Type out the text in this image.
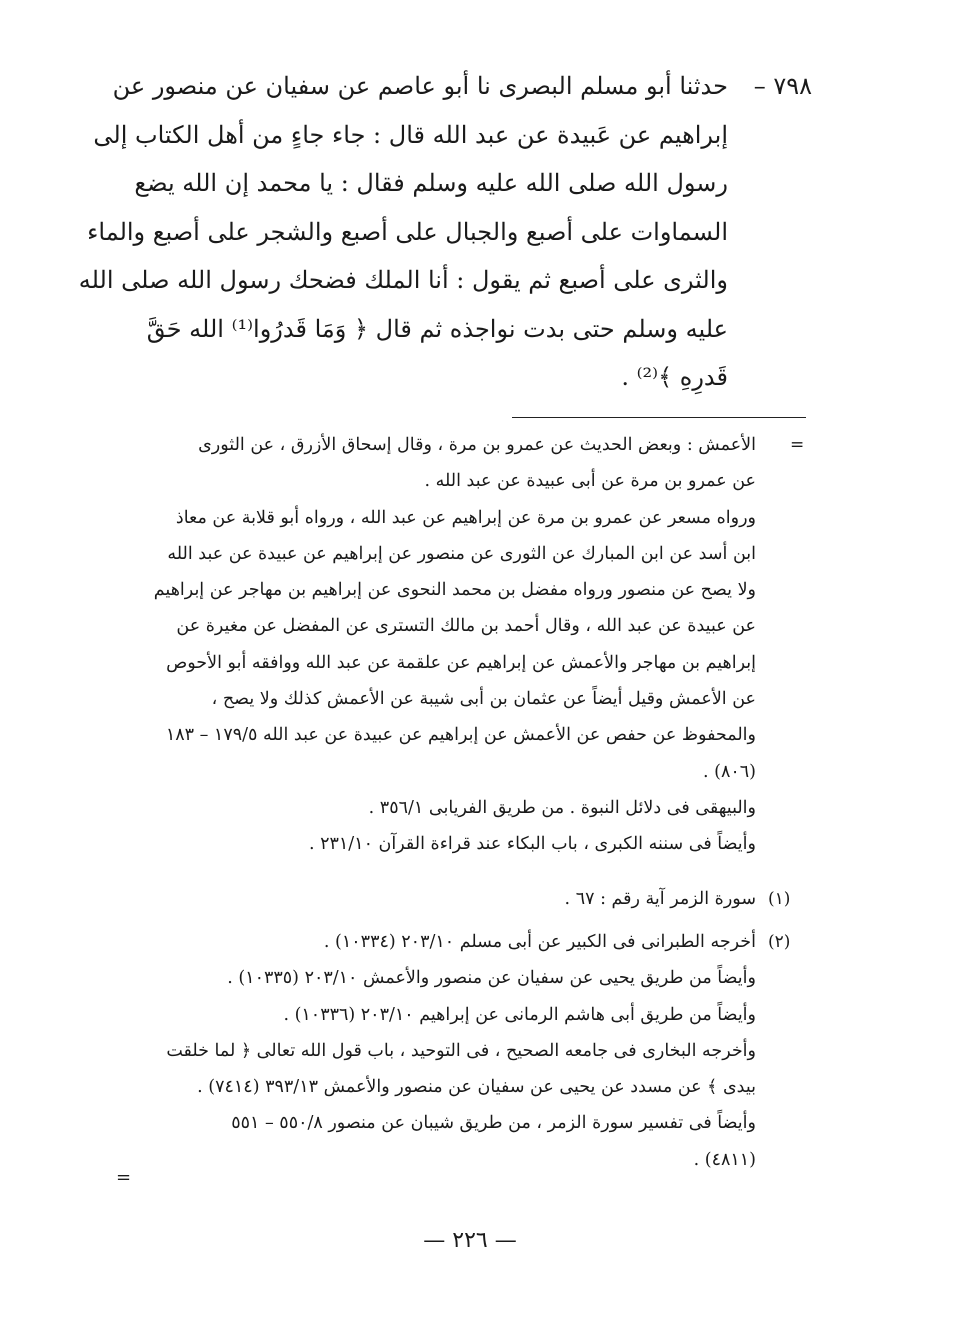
٧٩٨ –
حدثنا أبو مسلم البصرى نا أبو عاصم عن سفيان عن منصور عن
إبراهيم عن عَبيدة عن عبد الله قال : جاء جاءٍ من أهل الكتاب إلى
رسول الله صلى الله عليه وسلم فقال : يا محمد إن الله يضع
السماوات على أصبع والجبال على أصبع والشجر على أصبع والماء
والثرى على أصبع ثم يقول : أنا الملك فضحك رسول الله صلى الله
عليه وسلم حتى بدت نواجذه ثم قال ﴿ وَمَا قَدرُوا⁽¹⁾ الله حَقَّ
قَدرِهِ ﴾⁽²⁾ .
=
الأعمش : وبعض الحديث عن عمرو بن مرة ، وقال إسحاق الأزرق ، عن الثورى
عن عمرو بن مرة عن أبى عبيدة عن عبد الله .
ورواه مسعر عن عمرو بن مرة عن إبراهيم عن عبد الله ، ورواه أبو قلابة عن معاذ
ابن أسد عن ابن المبارك عن الثورى عن منصور عن إبراهيم عن عبيدة عن عبد الله
ولا يصح عن منصور ورواه مفضل بن محمد النحوى عن إبراهيم بن مهاجر عن إبراهيم
عن عبيدة عن عبد الله ، وقال أحمد بن مالك التسترى عن المفضل عن مغيرة عن
إبراهيم بن مهاجر والأعمش عن إبراهيم عن علقمة عن عبد الله ووافقه أبو الأحوص
عن الأعمش وقيل أيضاً عن عثمان بن أبى شيبة عن الأعمش كذلك ولا يصح ،
والمحفوظ عن حفص عن الأعمش عن إبراهيم عن عبيدة عن عبد الله ١٧٩/٥ – ١٨٣
(٨٠٦) .
والبيهقى فى دلائل النبوة . من طريق الفريابى ٣٥٦/١ .
وأيضاً فى سننه الكبرى ، باب البكاء عند قراءة القرآن ٢٣١/١٠ .
(١)
سورة الزمر آية رقم : ٦٧ .
(٢)
أخرجه الطبرانى فى الكبير عن أبى مسلم ٢٠٣/١٠ (١٠٣٣٤) .
وأيضاً من طريق يحيى عن سفيان عن منصور والأعمش ٢٠٣/١٠ (١٠٣٣٥) .
وأيضاً من طريق أبى هاشم الرمانى عن إبراهيم ٢٠٣/١٠ (١٠٣٣٦) .
وأخرجه البخارى فى جامعه الصحيح ، فى التوحيد ، باب قول الله تعالى ﴿ لما خلقت
بيدى ﴾ عن مسدد عن يحيى عن سفيان عن منصور والأعمش ٣٩٣/١٣ (٧٤١٤) .
وأيضاً فى تفسير سورة الزمر ، من طريق شيبان عن منصور ٥٥٠/٨ – ٥٥١
(٤٨١١) .
=
— ٢٢٦ —
